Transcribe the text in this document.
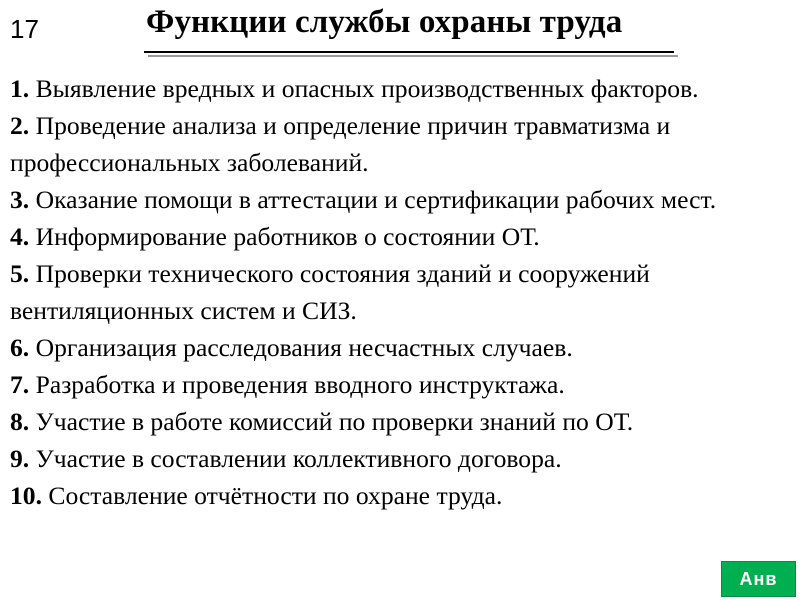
17	Функции службы охраны труда
1. Выявление вредных и опасных производственных факторов.
2. Проведение анализа и определение причин травматизма и профессиональных заболеваний.
3. Оказание помощи в аттестации и сертификации рабочих мест.
4. Информирование работников о состоянии ОТ.
5. Проверки технического состояния зданий и сооружений вентиляционных систем и СИЗ.
6. Организация расследования несчастных случаев.
7. Разработка и проведения вводного инструктажа.
8. Участие в работе комиссий по проверки знаний по ОТ.
9. Участие в составлении коллективного договора.
10. Составление отчётности по охране труда.
Анв
